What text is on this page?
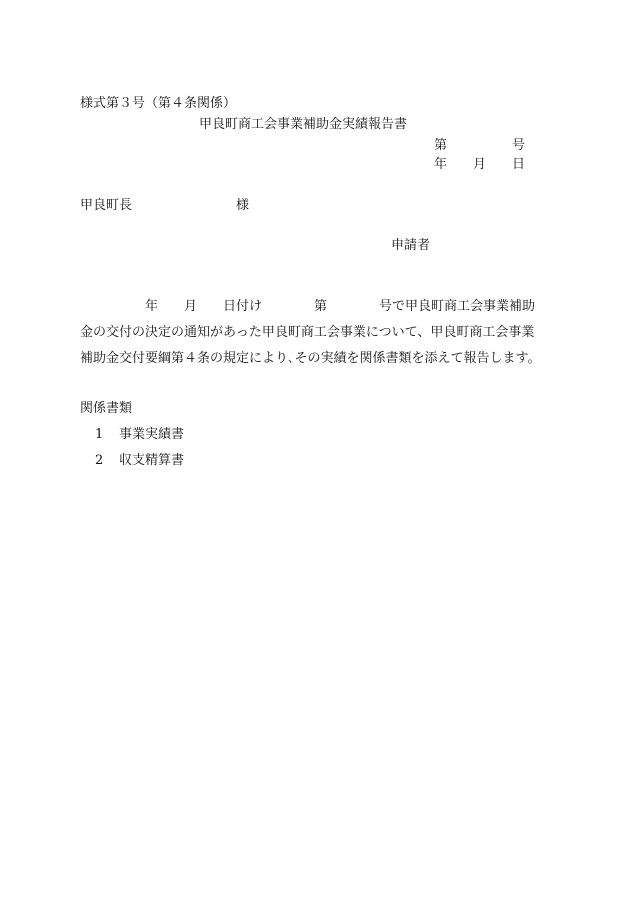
様式第３号（第４条関係）

甲良町商工会事業補助金実績報告書

第　　　　　号

年　　月　　日

甲良町長　　　　　　　　様

申請者

年　　月　　日付け　　　　第　　　　号で甲良町商工会事業補助

金の交付の決定の通知があった甲良町商工会事業について、甲良町商工会事業

補助金交付要綱第４条の規定により､その実績を関係書類を添えて報告します。

関係書類

1 事業実績書

2 収支精算書
